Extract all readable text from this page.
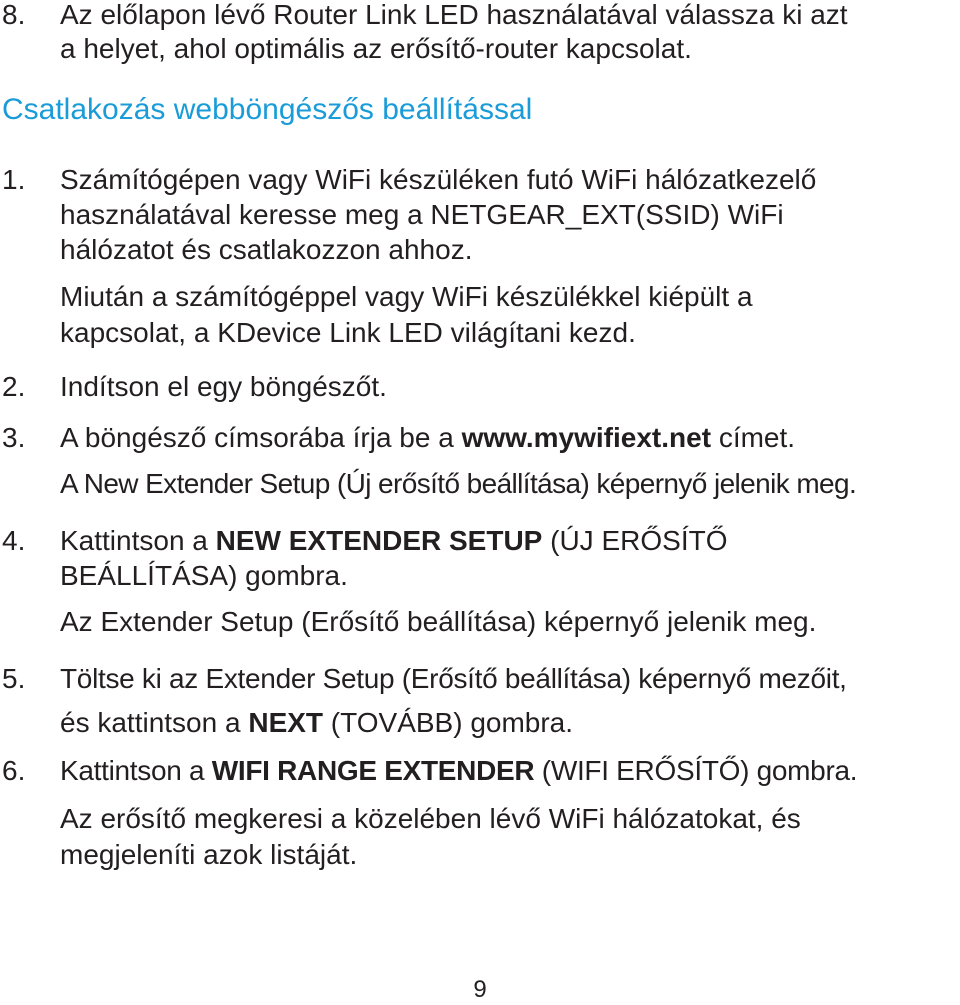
8. Az előlapon lévő Router Link LED használatával válassza ki azt
a helyet, ahol optimális az erősítő-router kapcsolat.
Csatlakozás webböngészős beállítással
1. Számítógépen vagy WiFi készüléken futó WiFi hálózatkezelő
használatával keresse meg a NETGEAR_EXT(SSID) WiFi
hálózatot és csatlakozzon ahhoz.
Miután a számítógéppel vagy WiFi készülékkel kiépült a
kapcsolat, a KDevice Link LED világítani kezd.
2. Indítson el egy böngészőt.
3. A böngésző címsorába írja be a www.mywifiext.net címet.
A New Extender Setup (Új erősítő beállítása) képernyő jelenik meg.
4. Kattintson a NEW EXTENDER SETUP (ÚJ ERŐSÍTŐ
BEÁLLÍTÁSA) gombra.
Az Extender Setup (Erősítő beállítása) képernyő jelenik meg.
5. Töltse ki az Extender Setup (Erősítő beállítása) képernyő mezőit,
és kattintson a NEXT (TOVÁBB) gombra.
6. Kattintson a WIFI RANGE EXTENDER (WIFI ERŐSÍTŐ) gombra.
Az erősítő megkeresi a közelében lévő WiFi hálózatokat, és
megjeleníti azok listáját.
9
